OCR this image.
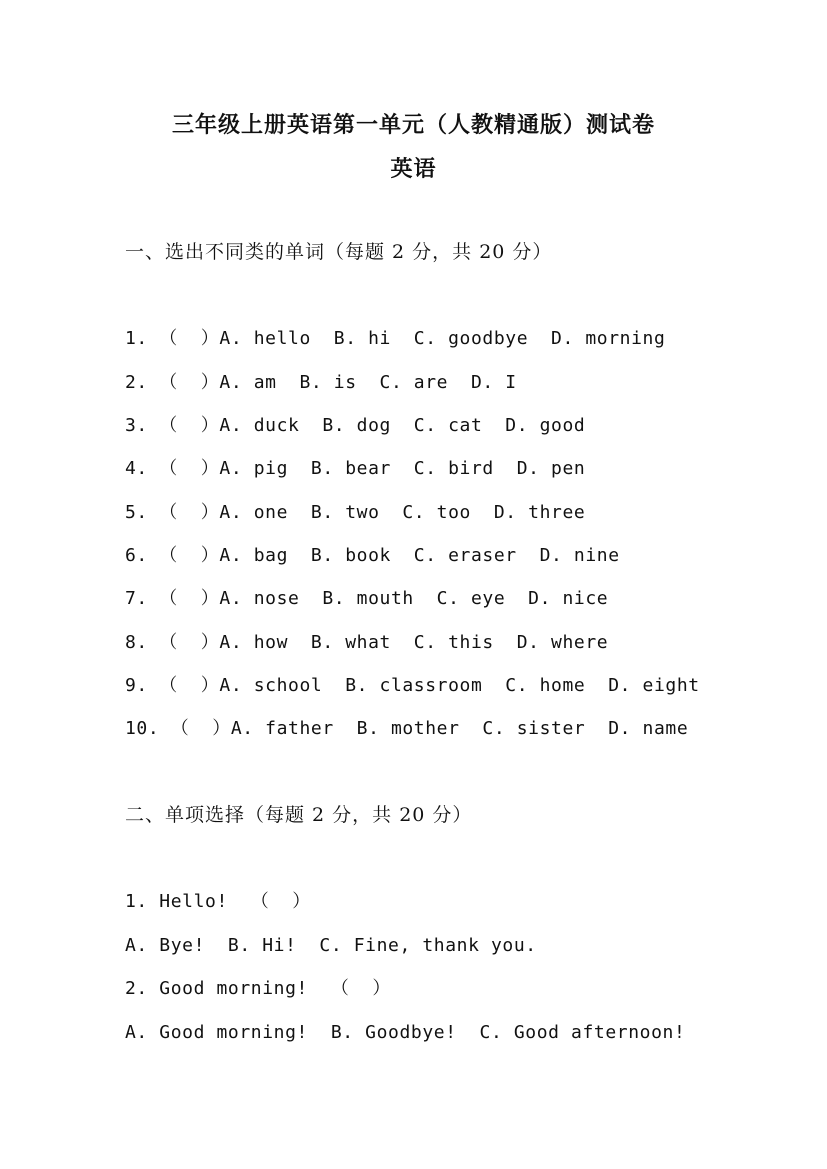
三年级上册英语第一单元（人教精通版）测试卷
英语
一、选出不同类的单词（每题 2 分，共 20 分）
1. （  ）A. hello  B. hi  C. goodbye  D. morning
2. （  ）A. am  B. is  C. are  D. I
3. （  ）A. duck  B. dog  C. cat  D. good
4. （  ）A. pig  B. bear  C. bird  D. pen
5. （  ）A. one  B. two  C. too  D. three
6. （  ）A. bag  B. book  C. eraser  D. nine
7. （  ）A. nose  B. mouth  C. eye  D. nice
8. （  ）A. how  B. what  C. this  D. where
9. （  ）A. school  B. classroom  C. home  D. eight
10. （  ）A. father  B. mother  C. sister  D. name
二、单项选择（每题 2 分，共 20 分）
1. Hello!  （  ）
A. Bye!  B. Hi!  C. Fine, thank you.
2. Good morning!  （  ）
A. Good morning!  B. Goodbye!  C. Good afternoon!
